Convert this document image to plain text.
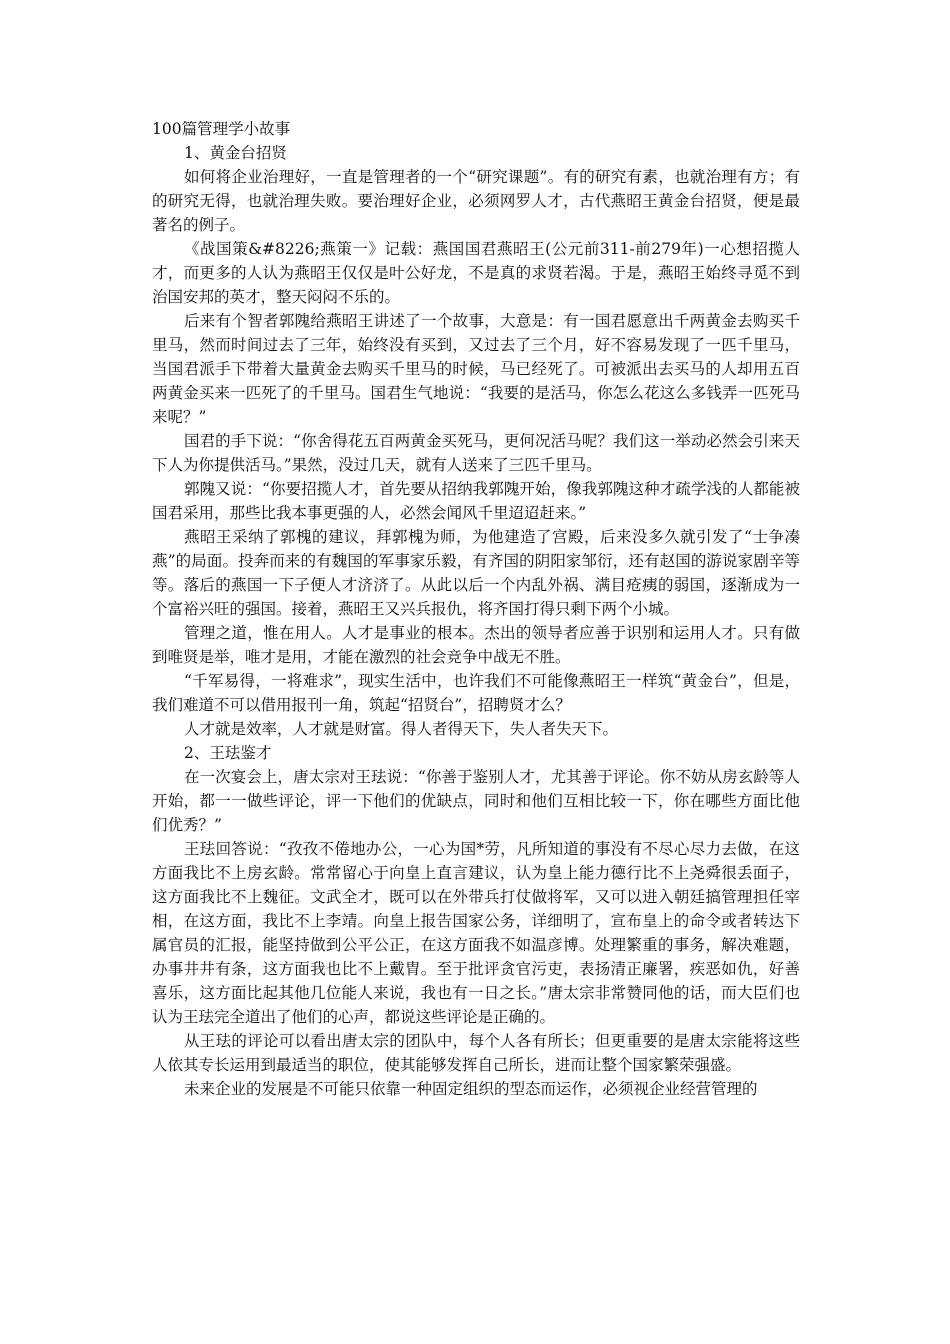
100篇管理学小故事

1、黄金台招贤

如何将企业治理好，一直是管理者的一个“研究课题”。有的研究有素，也就治理有方；有的研究无得，也就治理失败。要治理好企业，必须网罗人才，古代燕昭王黄金台招贤，便是最著名的例子。

《战国策&#8226;燕策一》记载：燕国国君燕昭王(公元前311-前279年)一心想招揽人才，而更多的人认为燕昭王仅仅是叶公好龙，不是真的求贤若渴。于是，燕昭王始终寻觅不到治国安邦的英才，整天闷闷不乐的。

后来有个智者郭隗给燕昭王讲述了一个故事，大意是：有一国君愿意出千两黄金去购买千里马，然而时间过去了三年，始终没有买到，又过去了三个月，好不容易发现了一匹千里马，当国君派手下带着大量黄金去购买千里马的时候，马已经死了。可被派出去买马的人却用五百两黄金买来一匹死了的千里马。国君生气地说：“我要的是活马，你怎么花这么多钱弄一匹死马来呢？”

国君的手下说：“你舍得花五百两黄金买死马，更何况活马呢？我们这一举动必然会引来天下人为你提供活马。”果然，没过几天，就有人送来了三匹千里马。

郭隗又说：“你要招揽人才，首先要从招纳我郭隗开始，像我郭隗这种才疏学浅的人都能被国君采用，那些比我本事更强的人，必然会闻风千里迢迢赶来。”

燕昭王采纳了郭槐的建议，拜郭槐为师，为他建造了宫殿，后来没多久就引发了“士争凑燕”的局面。投奔而来的有魏国的军事家乐毅，有齐国的阴阳家邹衍，还有赵国的游说家剧辛等等。落后的燕国一下子便人才济济了。从此以后一个内乱外祸、满目疮痍的弱国，逐渐成为一个富裕兴旺的强国。接着，燕昭王又兴兵报仇，将齐国打得只剩下两个小城。

管理之道，惟在用人。人才是事业的根本。杰出的领导者应善于识别和运用人才。只有做到唯贤是举，唯才是用，才能在激烈的社会竞争中战无不胜。

“千军易得，一将难求”，现实生活中，也许我们不可能像燕昭王一样筑“黄金台”，但是，我们难道不可以借用报刊一角，筑起“招贤台”，招聘贤才么？

人才就是效率，人才就是财富。得人者得天下，失人者失天下。

2、王珐鉴才

在一次宴会上，唐太宗对王珐说：“你善于鉴别人才，尤其善于评论。你不妨从房玄龄等人开始，都一一做些评论，评一下他们的优缺点，同时和他们互相比较一下，你在哪些方面比他们优秀？”

王珐回答说：“孜孜不倦地办公，一心为国*劳，凡所知道的事没有不尽心尽力去做，在这方面我比不上房玄龄。常常留心于向皇上直言建议，认为皇上能力德行比不上尧舜很丢面子，这方面我比不上魏征。文武全才，既可以在外带兵打仗做将军，又可以进入朝廷搞管理担任宰相，在这方面，我比不上李靖。向皇上报告国家公务，详细明了，宣布皇上的命令或者转达下属官员的汇报，能坚持做到公平公正，在这方面我不如温彦博。处理繁重的事务，解决难题，办事井井有条，这方面我也比不上戴胄。至于批评贪官污吏，表扬清正廉署，疾恶如仇，好善喜乐，这方面比起其他几位能人来说，我也有一日之长。”唐太宗非常赞同他的话，而大臣们也认为王珐完全道出了他们的心声，都说这些评论是正确的。

从王珐的评论可以看出唐太宗的团队中，每个人各有所长；但更重要的是唐太宗能将这些人依其专长运用到最适当的职位，使其能够发挥自己所长，进而让整个国家繁荣强盛。

未来企业的发展是不可能只依靠一种固定组织的型态而运作，必须视企业经营管理的
